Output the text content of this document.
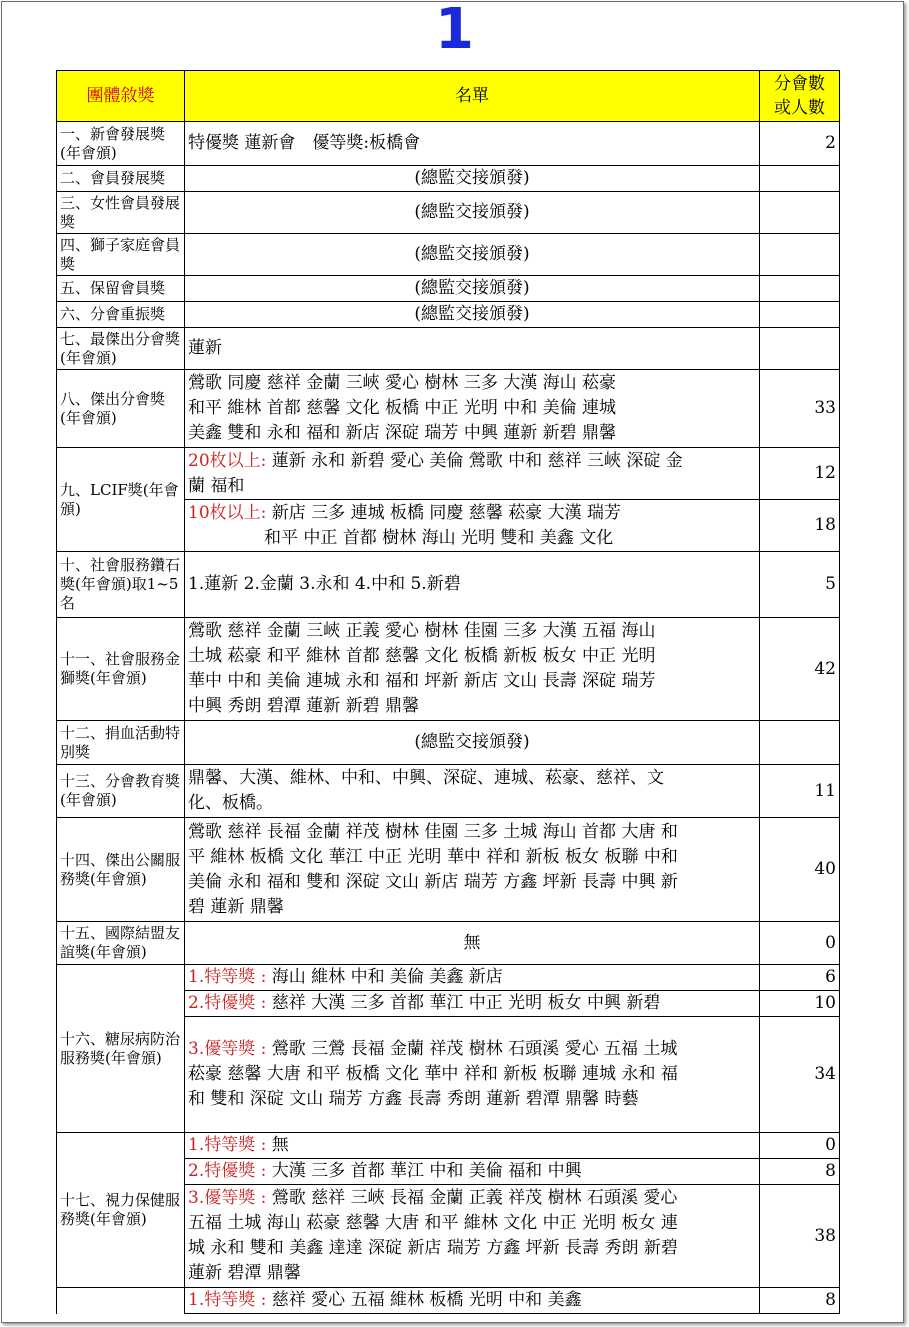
1
團體敘獎	名單	分會數
或人數
一、新會發展獎(年會頒)	特優獎 蓮新會　優等獎:板橋會	2
二、會員發展獎	(總監交接頒發)	
三、女性會員發展獎	(總監交接頒發)	
四、獅子家庭會員獎	(總監交接頒發)	
五、保留會員獎	(總監交接頒發)	
六、分會重振獎	(總監交接頒發)	
七、最傑出分會獎(年會頒)	蓮新	
八、傑出分會獎(年會頒)	鶯歌 同慶 慈祥 金蘭 三峽 愛心 樹林 三多 大漢 海山 菘豪
和平 維林 首都 慈馨 文化 板橋 中正 光明 中和 美倫 連城
美鑫 雙和 永和 福和 新店 深碇 瑞芳 中興 蓮新 新碧 鼎馨	33
九、LCIF獎(年會頒)	20枚以上: 蓮新 永和 新碧 愛心 美倫 鶯歌 中和 慈祥 三峽 深碇 金
蘭 福和	12

	10枚以上: 新店 三多 連城 板橋 同慶 慈馨 菘豪 大漢 瑞芳
和平 中正 首都 樹林 海山 光明 雙和 美鑫 文化	18
十、社會服務鑽石獎(年會頒)取1~5名	1.蓮新 2.金蘭 3.永和 4.中和 5.新碧	5
十一、社會服務金獅獎(年會頒)	鶯歌 慈祥 金蘭 三峽 正義 愛心 樹林 佳園 三多 大漢 五福 海山
土城 菘豪 和平 維林 首都 慈馨 文化 板橋 新板 板女 中正 光明
華中 中和 美倫 連城 永和 福和 坪新 新店 文山 長壽 深碇 瑞芳
中興 秀朗 碧潭 蓮新 新碧 鼎馨	42
十二、捐血活動特別獎	(總監交接頒發)	
十三、分會教育獎(年會頒)	鼎馨、大漢、維林、中和、中興、深碇、連城、菘豪、慈祥、文
化、板橋。	11
十四、傑出公關服務獎(年會頒)	鶯歌 慈祥 長福 金蘭 祥茂 樹林 佳園 三多 土城 海山 首都 大唐 和
平 維林 板橋 文化 華江 中正 光明 華中 祥和 新板 板女 板聯 中和
美倫 永和 福和 雙和 深碇 文山 新店 瑞芳 方鑫 坪新 長壽 中興 新
碧 蓮新 鼎馨	40
十五、國際結盟友誼獎(年會頒)	無	0
十六、糖尿病防治服務獎(年會頒)	1.特等獎 : 海山 維林 中和 美倫 美鑫 新店	6
	2.特優獎 : 慈祥 大漢 三多 首都 華江 中正 光明 板女 中興 新碧	10

	3.優等獎 : 鶯歌 三鶯 長福 金蘭 祥茂 樹林 石頭溪 愛心 五福 土城
菘豪 慈馨 大唐 和平 板橋 文化 華中 祥和 新板 板聯 連城 永和 福
和 雙和 深碇 文山 瑞芳 方鑫 長壽 秀朗 蓮新 碧潭 鼎馨 時藝	34
十七、視力保健服務獎(年會頒)	1.特等獎 : 無	0
	2.特優獎 : 大漢 三多 首都 華江 中和 美倫 福和 中興	8

	3.優等獎 : 鶯歌 慈祥 三峽 長福 金蘭 正義 祥茂 樹林 石頭溪 愛心
五福 土城 海山 菘豪 慈馨 大唐 和平 維林 文化 中正 光明 板女 連
城 永和 雙和 美鑫 達達 深碇 新店 瑞芳 方鑫 坪新 長壽 秀朗 新碧
蓮新 碧潭 鼎馨	38
	1.特等獎 : 慈祥 愛心 五福 維林 板橋 光明 中和 美鑫	8
